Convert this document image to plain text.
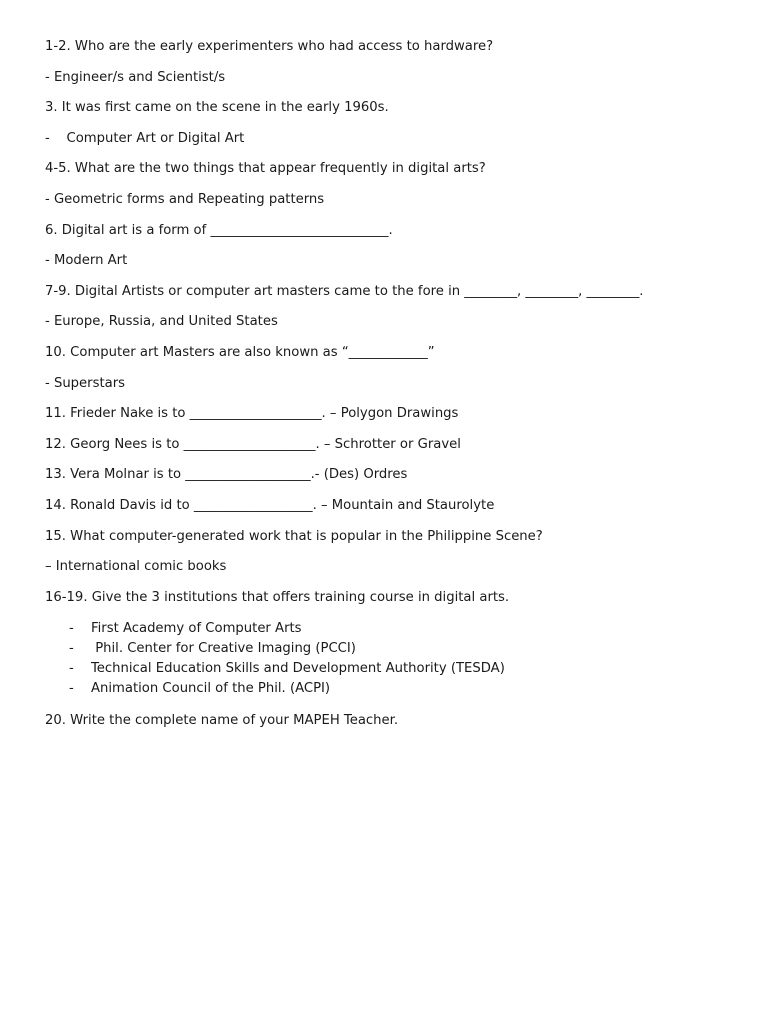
1-2. Who are the early experimenters who had access to hardware?
- Engineer/s and Scientist/s
3. It was first came on the scene in the early 1960s.
-    Computer Art or Digital Art
4-5. What are the two things that appear frequently in digital arts?
- Geometric forms and Repeating patterns
6. Digital art is a form of ___________________________.
- Modern Art
7-9. Digital Artists or computer art masters came to the fore in ________, ________, ________.
- Europe, Russia, and United States
10. Computer art Masters are also known as “____________”
- Superstars
11. Frieder Nake is to ____________________. – Polygon Drawings
12. Georg Nees is to ____________________. – Schrotter or Gravel
13. Vera Molnar is to ___________________.- (Des) Ordres
14. Ronald Davis id to __________________. – Mountain and Staurolyte
15. What computer-generated work that is popular in the Philippine Scene?
– International comic books
16-19. Give the 3 institutions that offers training course in digital arts.
-	First Academy of Computer Arts
-	Phil. Center for Creative Imaging (PCCI)
-	Technical Education Skills and Development Authority (TESDA)
-	Animation Council of the Phil. (ACPI)
20. Write the complete name of your MAPEH Teacher.
